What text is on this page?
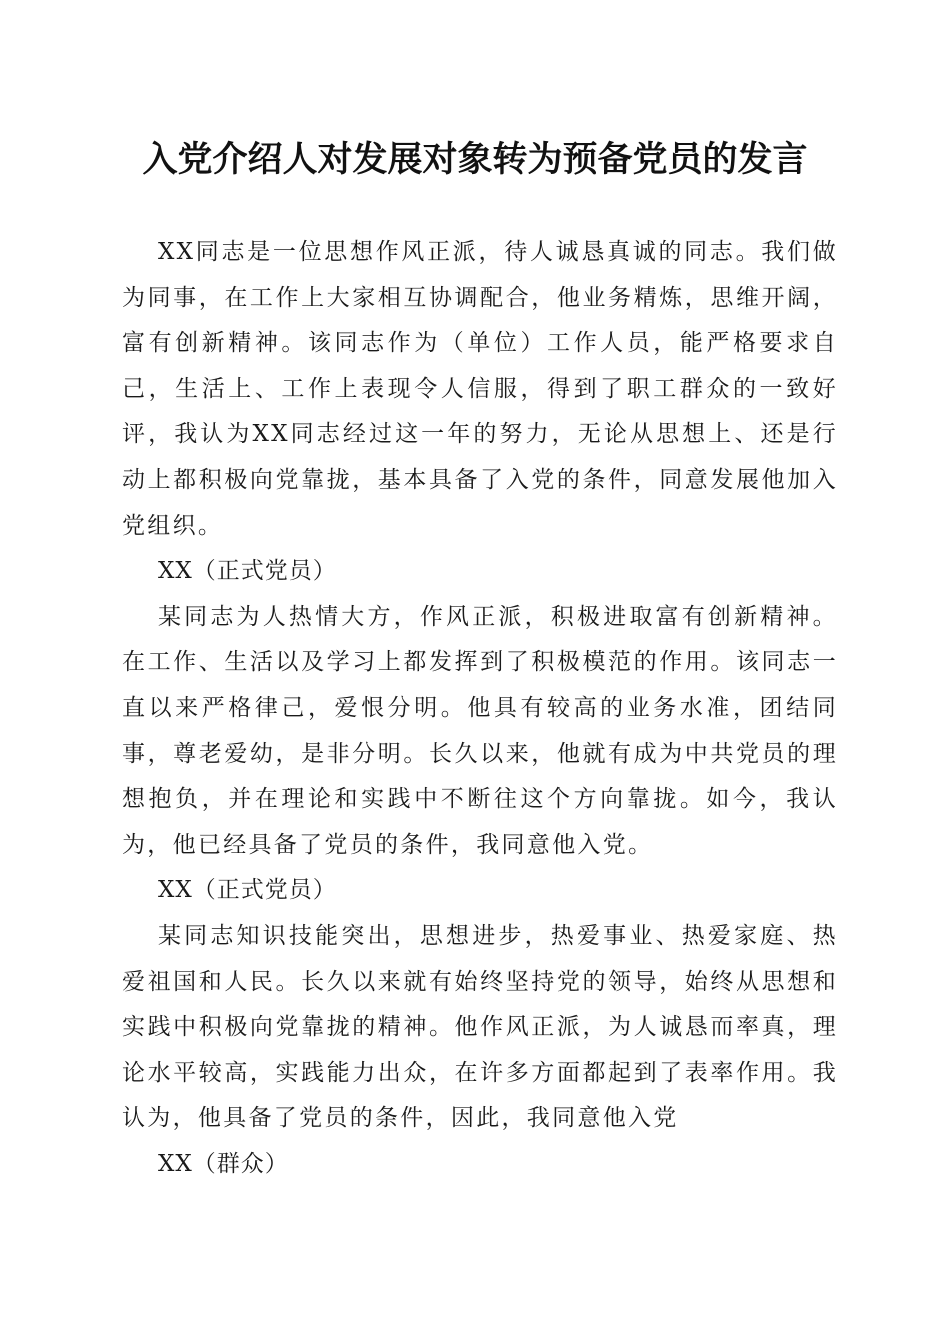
入党介绍人对发展对象转为预备党员的发言

XX同志是一位思想作风正派，待人诚恳真诚的同志。我们做为同事，在工作上大家相互协调配合，他业务精炼，思维开阔，富有创新精神。该同志作为（单位）工作人员，能严格要求自己，生活上、工作上表现令人信服，得到了职工群众的一致好评，我认为XX同志经过这一年的努力，无论从思想上、还是行动上都积极向党靠拢，基本具备了入党的条件，同意发展他加入党组织。

XX（正式党员）

某同志为人热情大方，作风正派，积极进取富有创新精神。在工作、生活以及学习上都发挥到了积极模范的作用。该同志一直以来严格律己，爱恨分明。他具有较高的业务水准，团结同事，尊老爱幼，是非分明。长久以来，他就有成为中共党员的理想抱负，并在理论和实践中不断往这个方向靠拢。如今，我认为，他已经具备了党员的条件，我同意他入党。

XX（正式党员）

某同志知识技能突出，思想进步，热爱事业、热爱家庭、热爱祖国和人民。长久以来就有始终坚持党的领导，始终从思想和实践中积极向党靠拢的精神。他作风正派，为人诚恳而率真，理论水平较高，实践能力出众，在许多方面都起到了表率作用。我认为，他具备了党员的条件，因此，我同意他入党

XX（群众）
